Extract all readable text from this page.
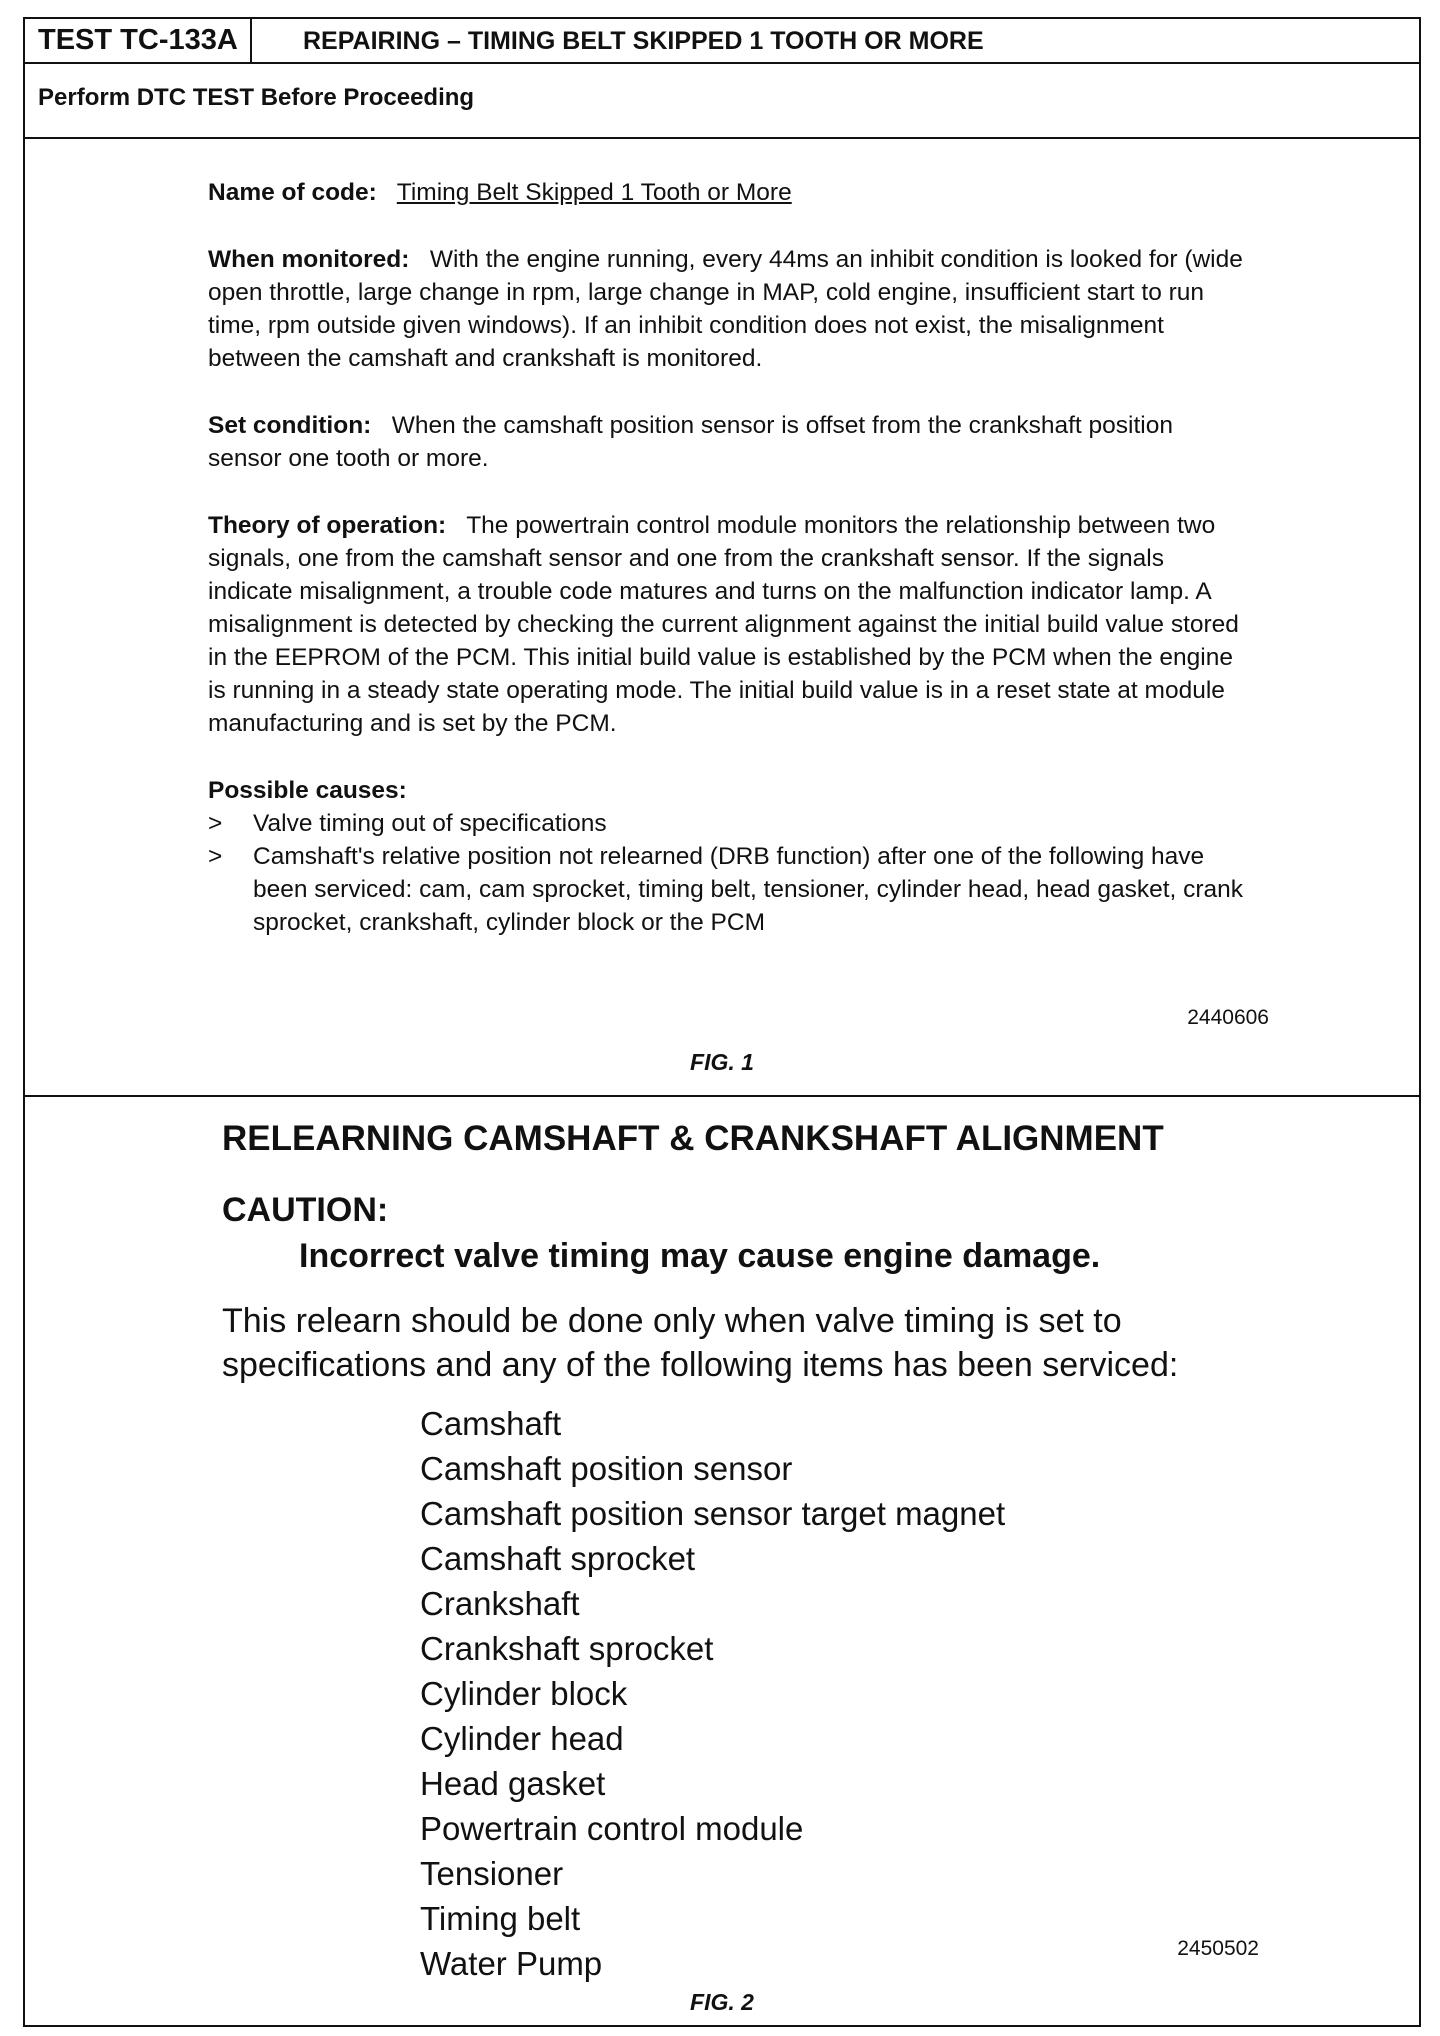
TEST TC-133A	REPAIRING – TIMING BELT SKIPPED 1 TOOTH OR MORE
Perform DTC TEST Before Proceeding

Name of code: Timing Belt Skipped 1 Tooth or More

When monitored: With the engine running, every 44ms an inhibit condition is looked for (wide open throttle, large change in rpm, large change in MAP, cold engine, insufficient start to run time, rpm outside given windows). If an inhibit condition does not exist, the misalignment between the camshaft and crankshaft is monitored.

Set condition: When the camshaft position sensor is offset from the crankshaft position sensor one tooth or more.

Theory of operation: The powertrain control module monitors the relationship between two signals, one from the camshaft sensor and one from the crankshaft sensor. If the signals indicate misalignment, a trouble code matures and turns on the malfunction indicator lamp. A misalignment is detected by checking the current alignment against the initial build value stored in the EEPROM of the PCM. This initial build value is established by the PCM when the engine is running in a steady state operating mode. The initial build value is in a reset state at module manufacturing and is set by the PCM.

Possible causes:

> Valve timing out of specifications

> Camshaft's relative position not relearned (DRB function) after one of the following have been serviced: cam, cam sprocket, timing belt, tensioner, cylinder head, head gasket, crank sprocket, crankshaft, cylinder block or the PCM

2440606
FIG. 1
RELEARNING CAMSHAFT & CRANKSHAFT ALIGNMENT
CAUTION:
Incorrect valve timing may cause engine damage.
This relearn should be done only when valve timing is set to specifications and any of the following items has been serviced:
Camshaft
Camshaft position sensor
Camshaft position sensor target magnet
Camshaft sprocket
Crankshaft
Crankshaft sprocket
Cylinder block
Cylinder head
Head gasket
Powertrain control module
Tensioner
Timing belt
Water Pump	2450502
FIG. 2
